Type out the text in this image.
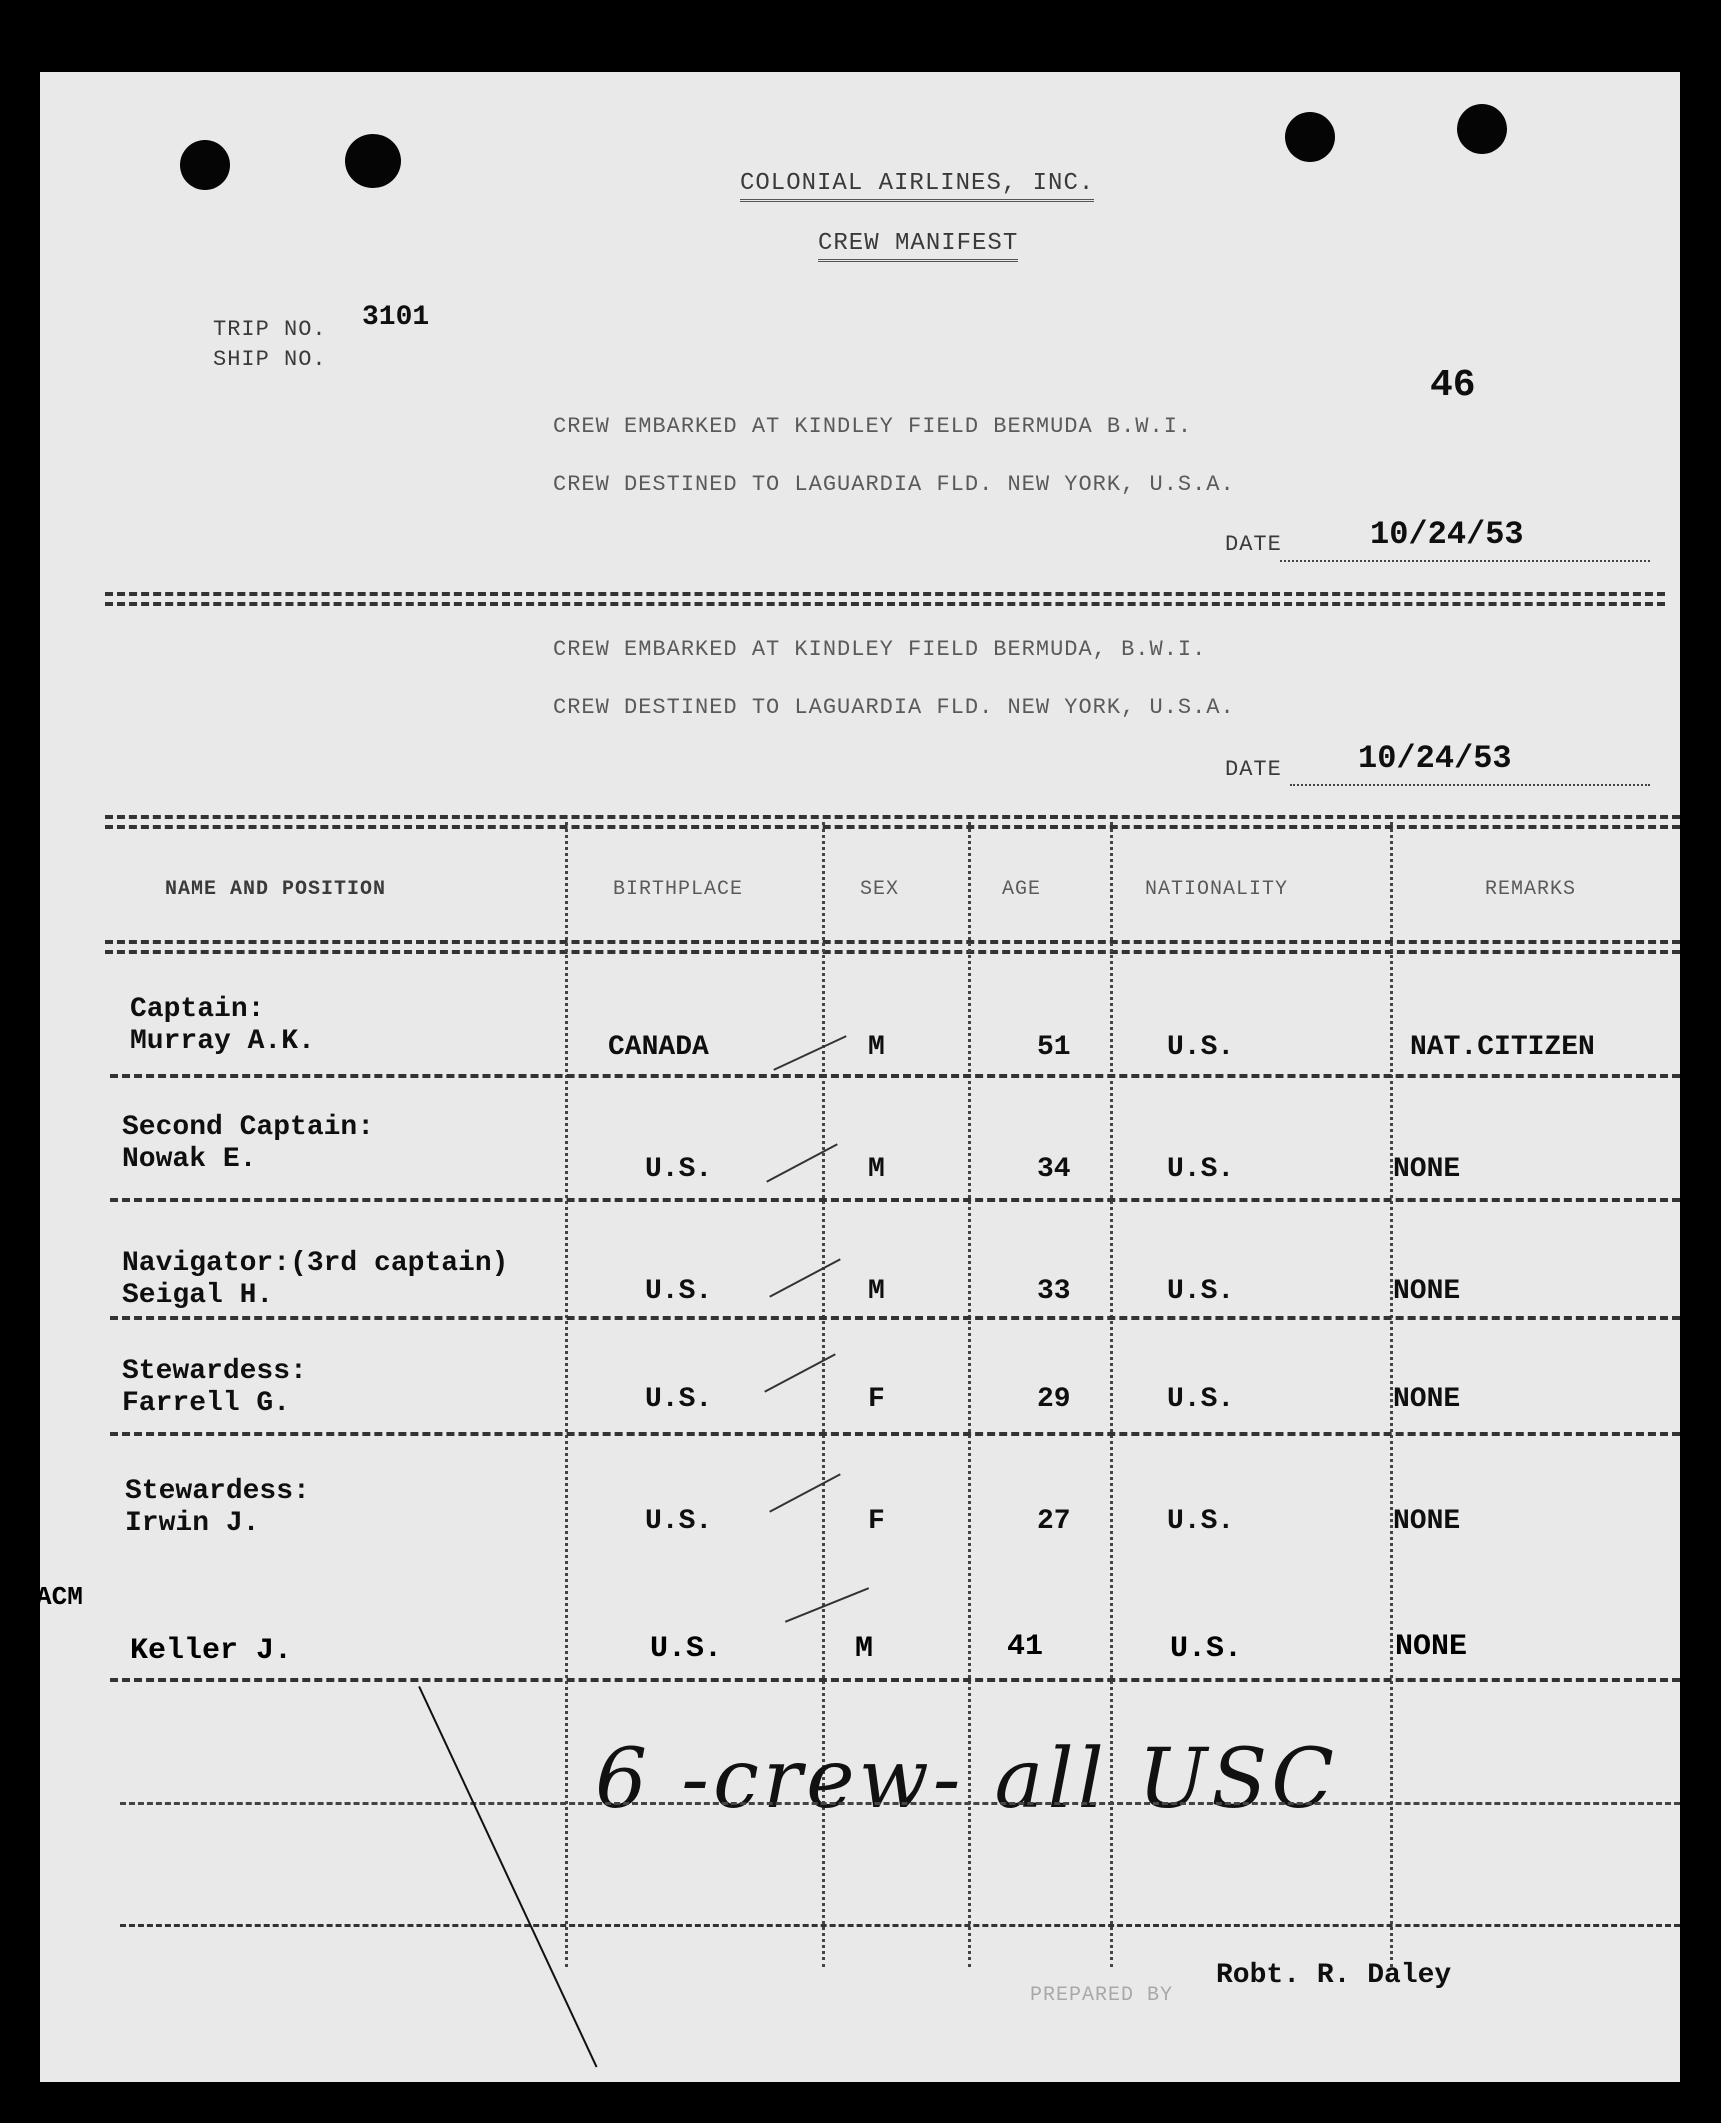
COLONIAL AIRLINES, INC.
CREW MANIFEST
TRIP NO. 3101
SHIP NO.
46
CREW EMBARKED AT KINDLEY FIELD BERMUDA B.W.I.
CREW DESTINED TO LAGUARDIA FLD. NEW YORK, U.S.A.
DATE	10/24/53
CREW EMBARKED AT KINDLEY FIELD BERMUDA, B.W.I.
CREW DESTINED TO LAGUARDIA FLD. NEW YORK, U.S.A.
DATE 10/24/53
NAME AND POSITION	BIRTHPLACE	SEX	AGE	NATIONALITY	REMARKS
Captain:
Murray A.K.	CANADA	M	51	U.S.	NAT.CITIZEN
Second Captain:
Nowak E.	U.S.	M	34	U.S.	NONE
Navigator:(3rd captain)
Seigal H.	U.S.	M	33	U.S.	NONE
Stewardess:
Farrell G.	U.S.	F	29	U.S.	NONE
Stewardess:
Irwin J.	U.S.	F	27	U.S.	NONE
ACM
Keller J.	U.S.	M	41	U.S.	NONE
6 -crew- all USC
PREPARED BY
Robt. R. Daley
